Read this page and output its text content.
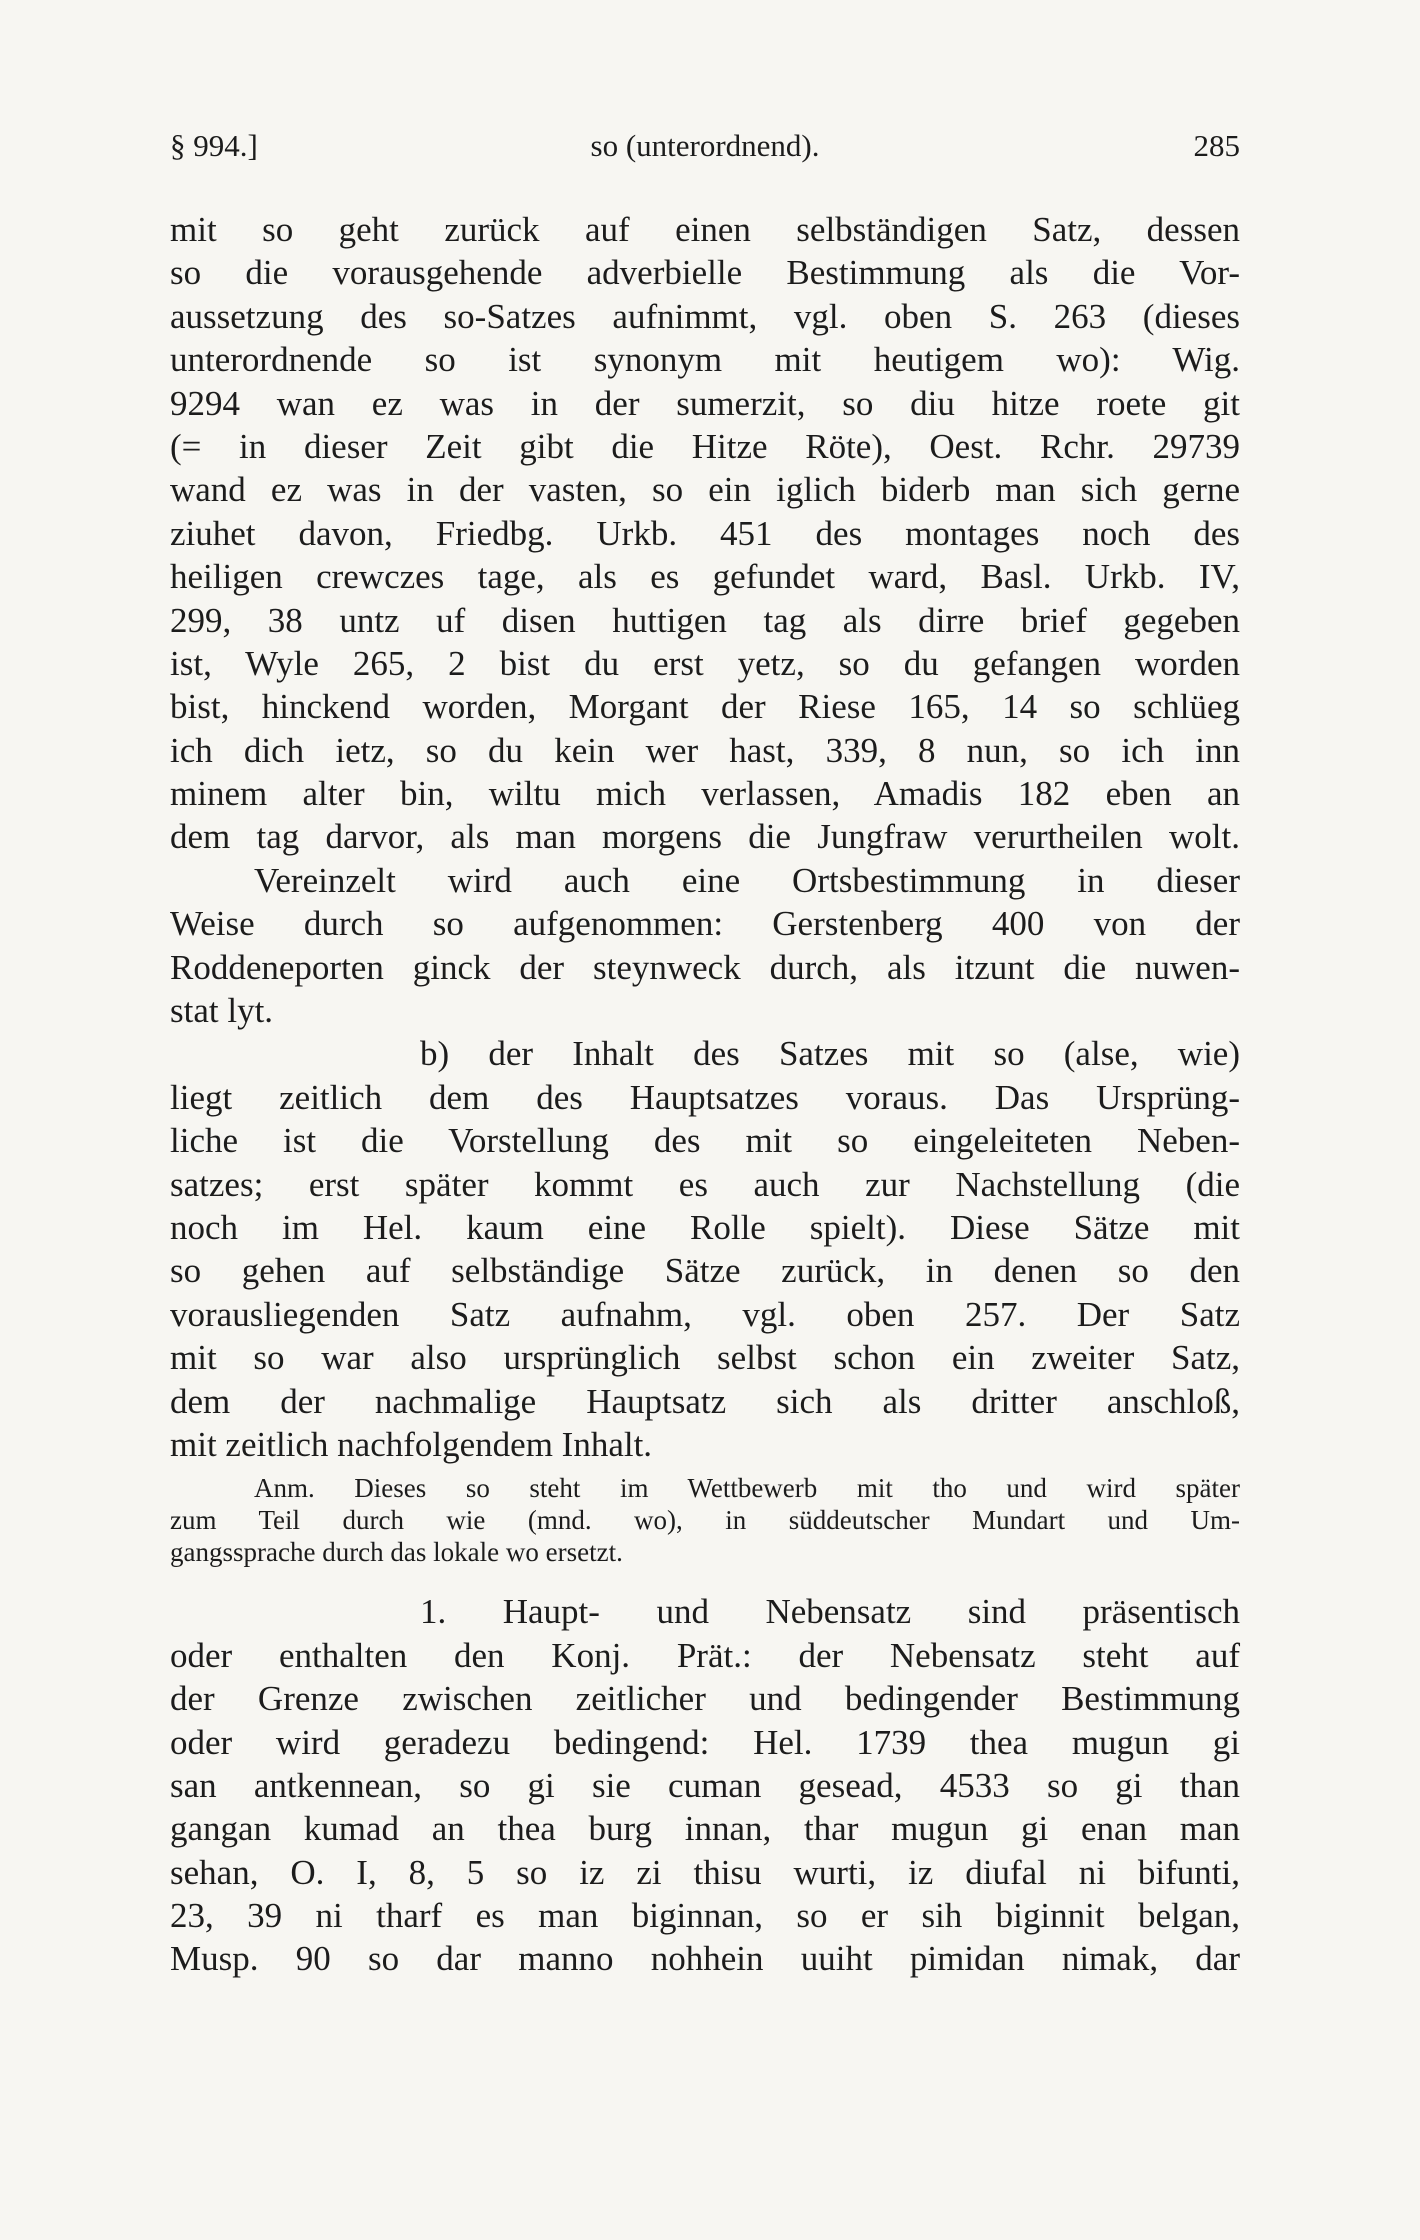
§ 994.]	so (unterordnend).	285
mit so geht zurück auf einen selbständigen Satz, dessen
so die vorausgehende adverbielle Bestimmung als die Vor-
aussetzung des so-Satzes aufnimmt, vgl. oben S. 263 (dieses
unterordnende so ist synonym mit heutigem wo): Wig.
9294 wan ez was in der sumerzit, so diu hitze roete git
(= in dieser Zeit gibt die Hitze Röte), Oest. Rchr. 29739
wand ez was in der vasten, so ein iglich biderb man sich gerne
ziuhet davon, Friedbg. Urkb. 451 des montages noch des
heiligen crewczes tage, als es gefundet ward, Basl. Urkb. IV,
299, 38 untz uf disen huttigen tag als dirre brief gegeben
ist, Wyle 265, 2 bist du erst yetz, so du gefangen worden
bist, hinckend worden, Morgant der Riese 165, 14 so schlüeg
ich dich ietz, so du kein wer hast, 339, 8 nun, so ich inn
minem alter bin, wiltu mich verlassen, Amadis 182 eben an
dem tag darvor, als man morgens die Jungfraw verurtheilen wolt.
Vereinzelt wird auch eine Ortsbestimmung in dieser
Weise durch so aufgenommen: Gerstenberg 400 von der
Roddeneporten ginck der steynweck durch, als itzunt die nuwen-
stat lyt.
b) der Inhalt des Satzes mit so (alse, wie)
liegt zeitlich dem des Hauptsatzes voraus. Das Ursprüng-
liche ist die Vorstellung des mit so eingeleiteten Neben-
satzes; erst später kommt es auch zur Nachstellung (die
noch im Hel. kaum eine Rolle spielt). Diese Sätze mit
so gehen auf selbständige Sätze zurück, in denen so den
vorausliegenden Satz aufnahm, vgl. oben 257. Der Satz
mit so war also ursprünglich selbst schon ein zweiter Satz,
dem der nachmalige Hauptsatz sich als dritter anschloß,
mit zeitlich nachfolgendem Inhalt.
Anm. Dieses so steht im Wettbewerb mit tho und wird später
zum Teil durch wie (mnd. wo), in süddeutscher Mundart und Um-
gangssprache durch das lokale wo ersetzt.
1. Haupt- und Nebensatz sind präsentisch
oder enthalten den Konj. Prät.: der Nebensatz steht auf
der Grenze zwischen zeitlicher und bedingender Bestimmung
oder wird geradezu bedingend: Hel. 1739 thea mugun gi
san antkennean, so gi sie cuman gesead, 4533 so gi than
gangan kumad an thea burg innan, thar mugun gi enan man
sehan, O. I, 8, 5 so iz zi thisu wurti, iz diufal ni bifunti,
23, 39 ni tharf es man biginnan, so er sih biginnit belgan,
Musp. 90 so dar manno nohhein uuiht pimidan nimak, dar
